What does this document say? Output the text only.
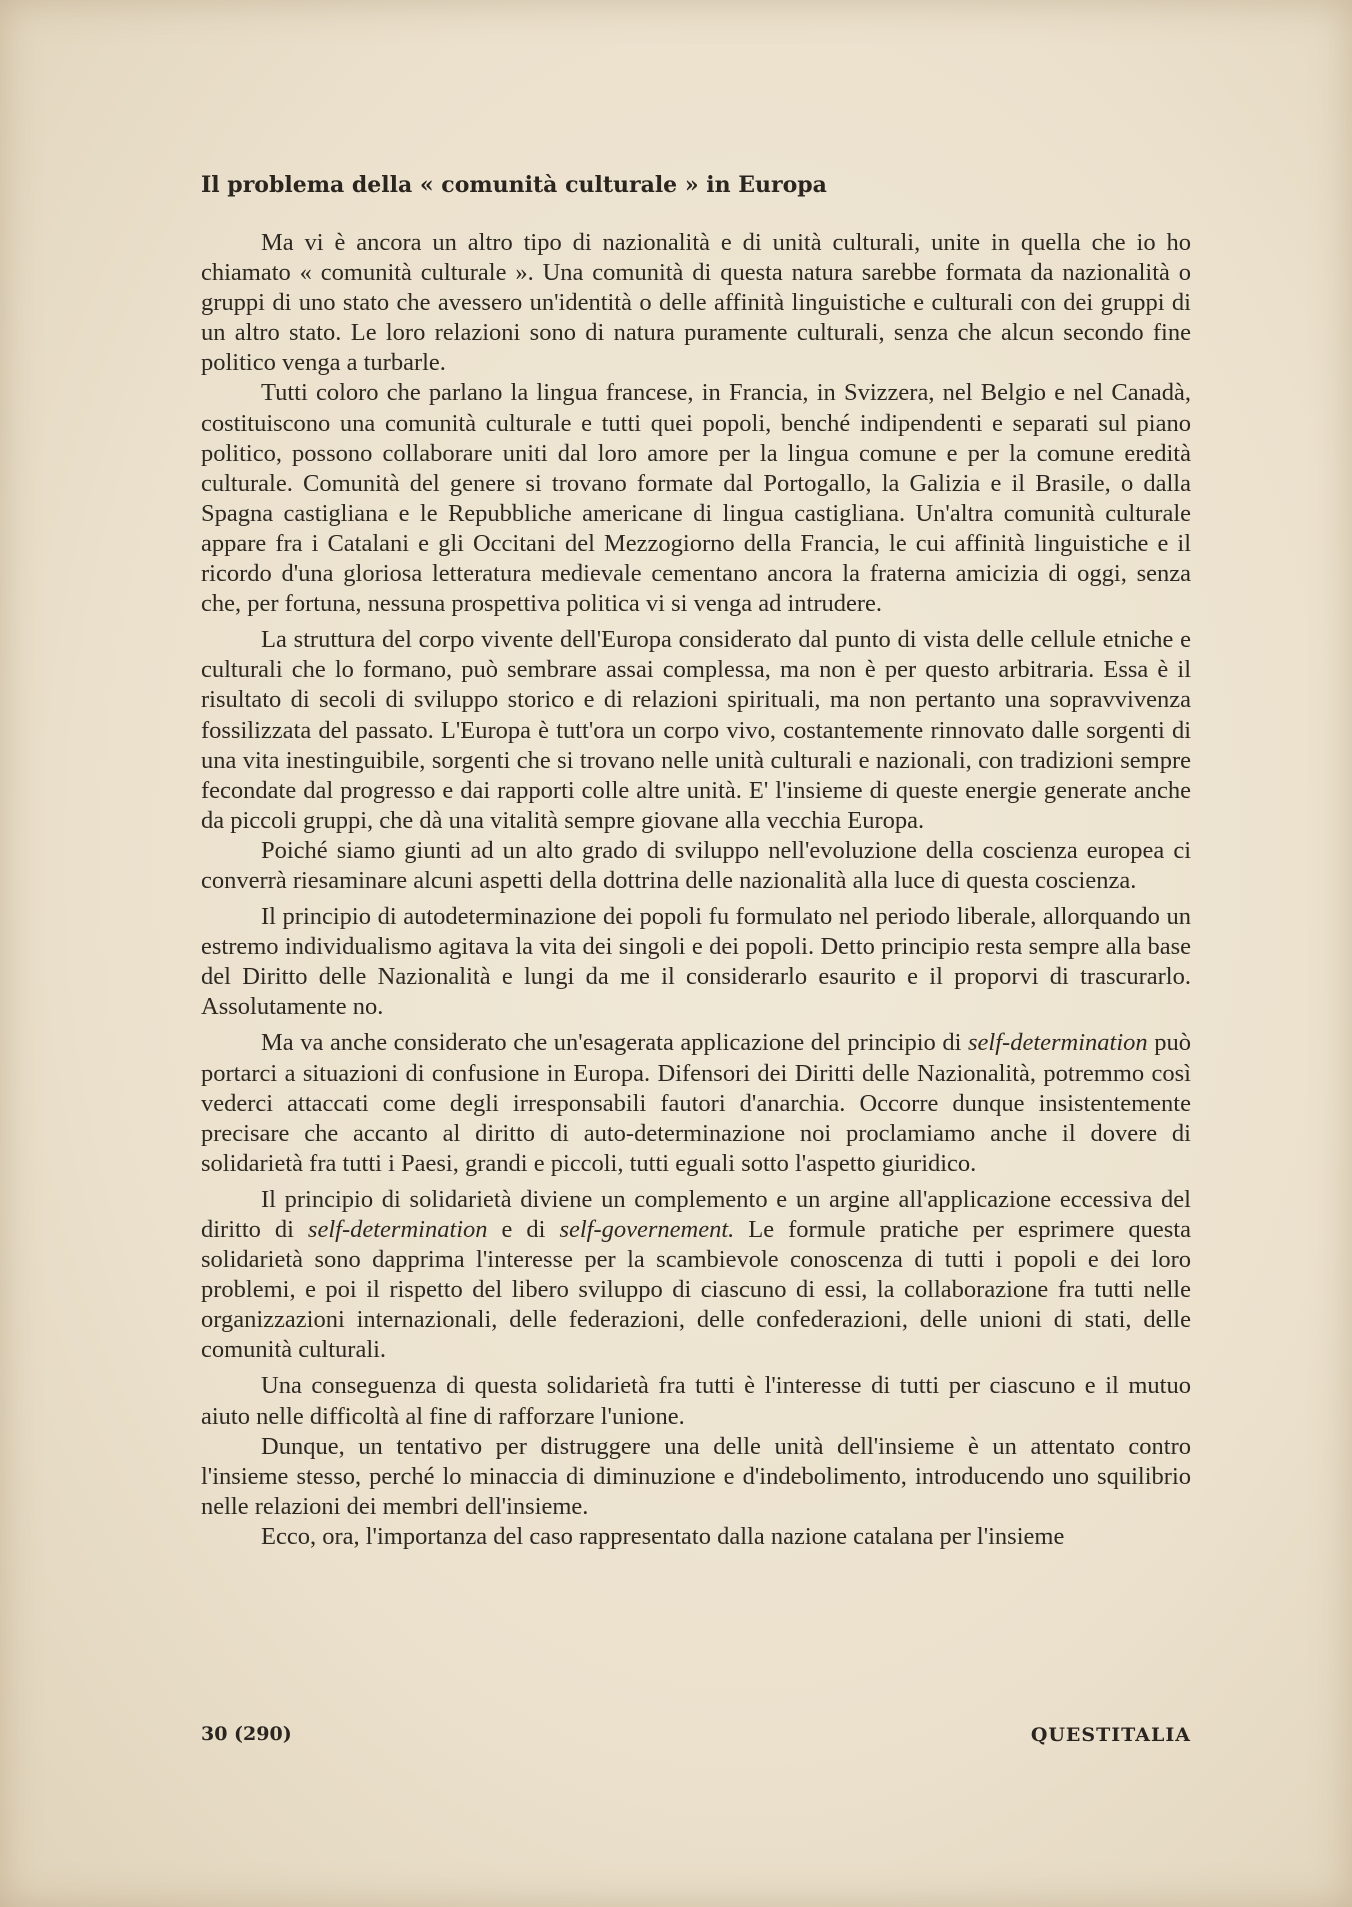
Il problema della « comunità culturale » in Europa

Ma vi è ancora un altro tipo di nazionalità e di unità culturali, unite in quella che io ho chiamato « comunità culturale ». Una comunità di questa natura sarebbe formata da nazionalità o gruppi di uno stato che avessero un'identità o delle affinità linguistiche e culturali con dei gruppi di un altro stato. Le loro relazioni sono di natura puramente culturali, senza che alcun secondo fine politico venga a turbarle.

Tutti coloro che parlano la lingua francese, in Francia, in Svizzera, nel Belgio e nel Canadà, costituiscono una comunità culturale e tutti quei popoli, benché indipendenti e separati sul piano politico, possono collaborare uniti dal loro amore per la lingua comune e per la comune eredità culturale. Comunità del genere si trovano formate dal Portogallo, la Galizia e il Brasile, o dalla Spagna castigliana e le Repubbliche americane di lingua castigliana. Un'altra comunità culturale appare fra i Catalani e gli Occitani del Mezzogiorno della Francia, le cui affinità linguistiche e il ricordo d'una gloriosa letteratura medievale cementano ancora la fraterna amicizia di oggi, senza che, per fortuna, nessuna prospettiva politica vi si venga ad intrudere.

La struttura del corpo vivente dell'Europa considerato dal punto di vista delle cellule etniche e culturali che lo formano, può sembrare assai complessa, ma non è per questo arbitraria. Essa è il risultato di secoli di sviluppo storico e di relazioni spirituali, ma non pertanto una sopravvivenza fossilizzata del passato. L'Europa è tutt'ora un corpo vivo, costantemente rinnovato dalle sorgenti di una vita inestinguibile, sorgenti che si trovano nelle unità culturali e nazionali, con tradizioni sempre fecondate dal progresso e dai rapporti colle altre unità. E' l'insieme di queste energie generate anche da piccoli gruppi, che dà una vitalità sempre giovane alla vecchia Europa.

Poiché siamo giunti ad un alto grado di sviluppo nell'evoluzione della coscienza europea ci converrà riesaminare alcuni aspetti della dottrina delle nazionalità alla luce di questa coscienza.

Il principio di autodeterminazione dei popoli fu formulato nel periodo liberale, allorquando un estremo individualismo agitava la vita dei singoli e dei popoli. Detto principio resta sempre alla base del Diritto delle Nazionalità e lungi da me il considerarlo esaurito e il proporvi di trascurarlo. Assolutamente no.

Ma va anche considerato che un'esagerata applicazione del principio di self-determination può portarci a situazioni di confusione in Europa. Difensori dei Diritti delle Nazionalità, potremmo così vederci attaccati come degli irresponsabili fautori d'anarchia. Occorre dunque insistentemente precisare che accanto al diritto di auto-determinazione noi proclamiamo anche il dovere di solidarietà fra tutti i Paesi, grandi e piccoli, tutti eguali sotto l'aspetto giuridico.

Il principio di solidarietà diviene un complemento e un argine all'applicazione eccessiva del diritto di self-determination e di self-governement. Le formule pratiche per esprimere questa solidarietà sono dapprima l'interesse per la scambievole conoscenza di tutti i popoli e dei loro problemi, e poi il rispetto del libero sviluppo di ciascuno di essi, la collaborazione fra tutti nelle organizzazioni internazionali, delle federazioni, delle confederazioni, delle unioni di stati, delle comunità culturali.

Una conseguenza di questa solidarietà fra tutti è l'interesse di tutti per ciascuno e il mutuo aiuto nelle difficoltà al fine di rafforzare l'unione.

Dunque, un tentativo per distruggere una delle unità dell'insieme è un attentato contro l'insieme stesso, perché lo minaccia di diminuzione e d'indebolimento, introducendo uno squilibrio nelle relazioni dei membri dell'insieme.

Ecco, ora, l'importanza del caso rappresentato dalla nazione catalana per l'insieme

30 (290)	QUESTITALIA
